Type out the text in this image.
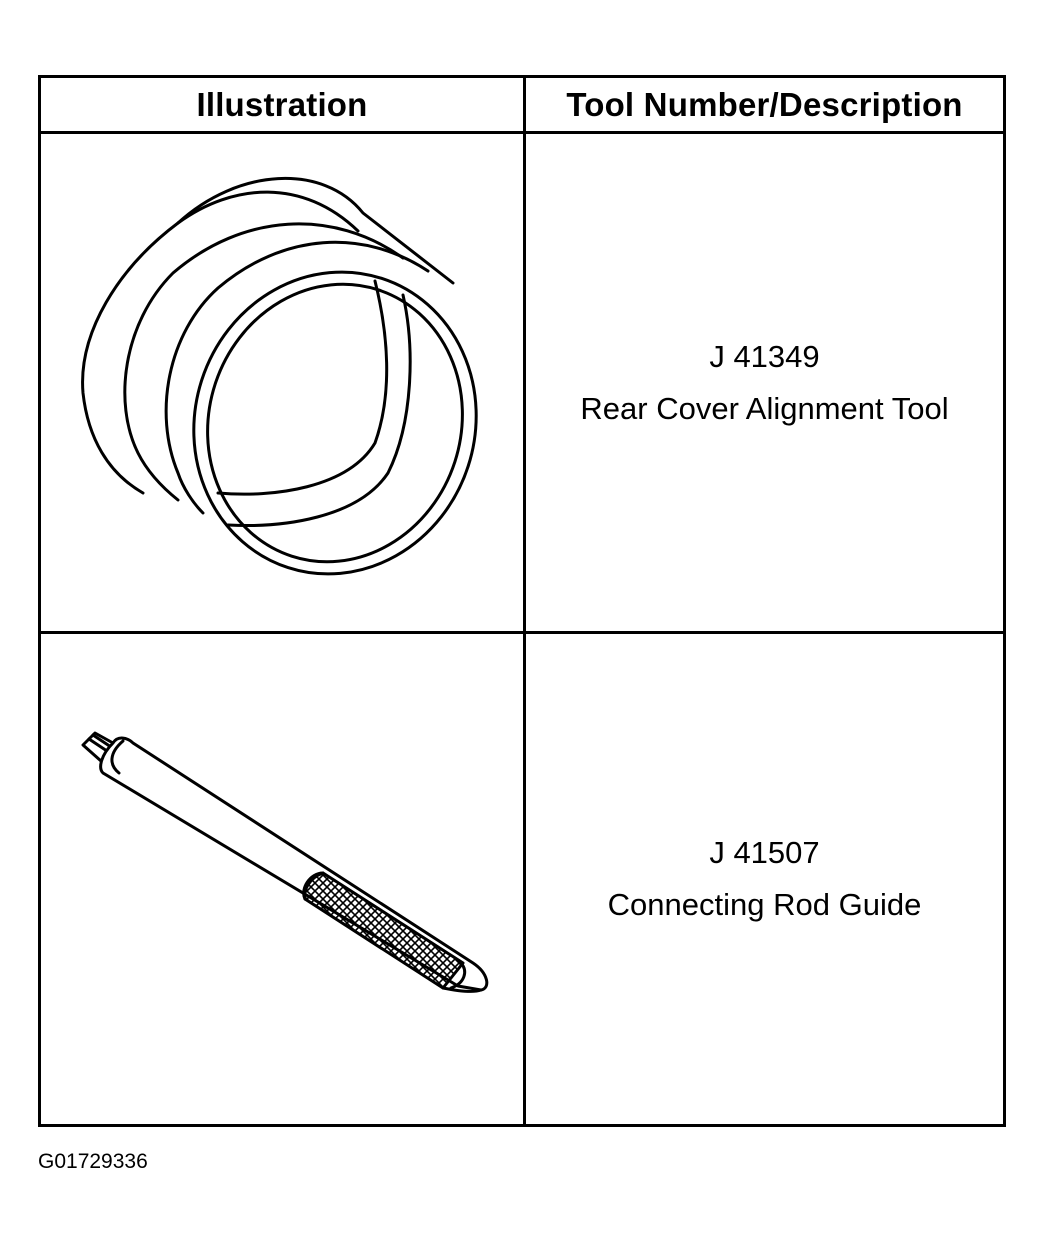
Illustration	Tool Number/Description
J 41349
Rear Cover Alignment Tool
J 41507
Connecting Rod Guide
G01729336
